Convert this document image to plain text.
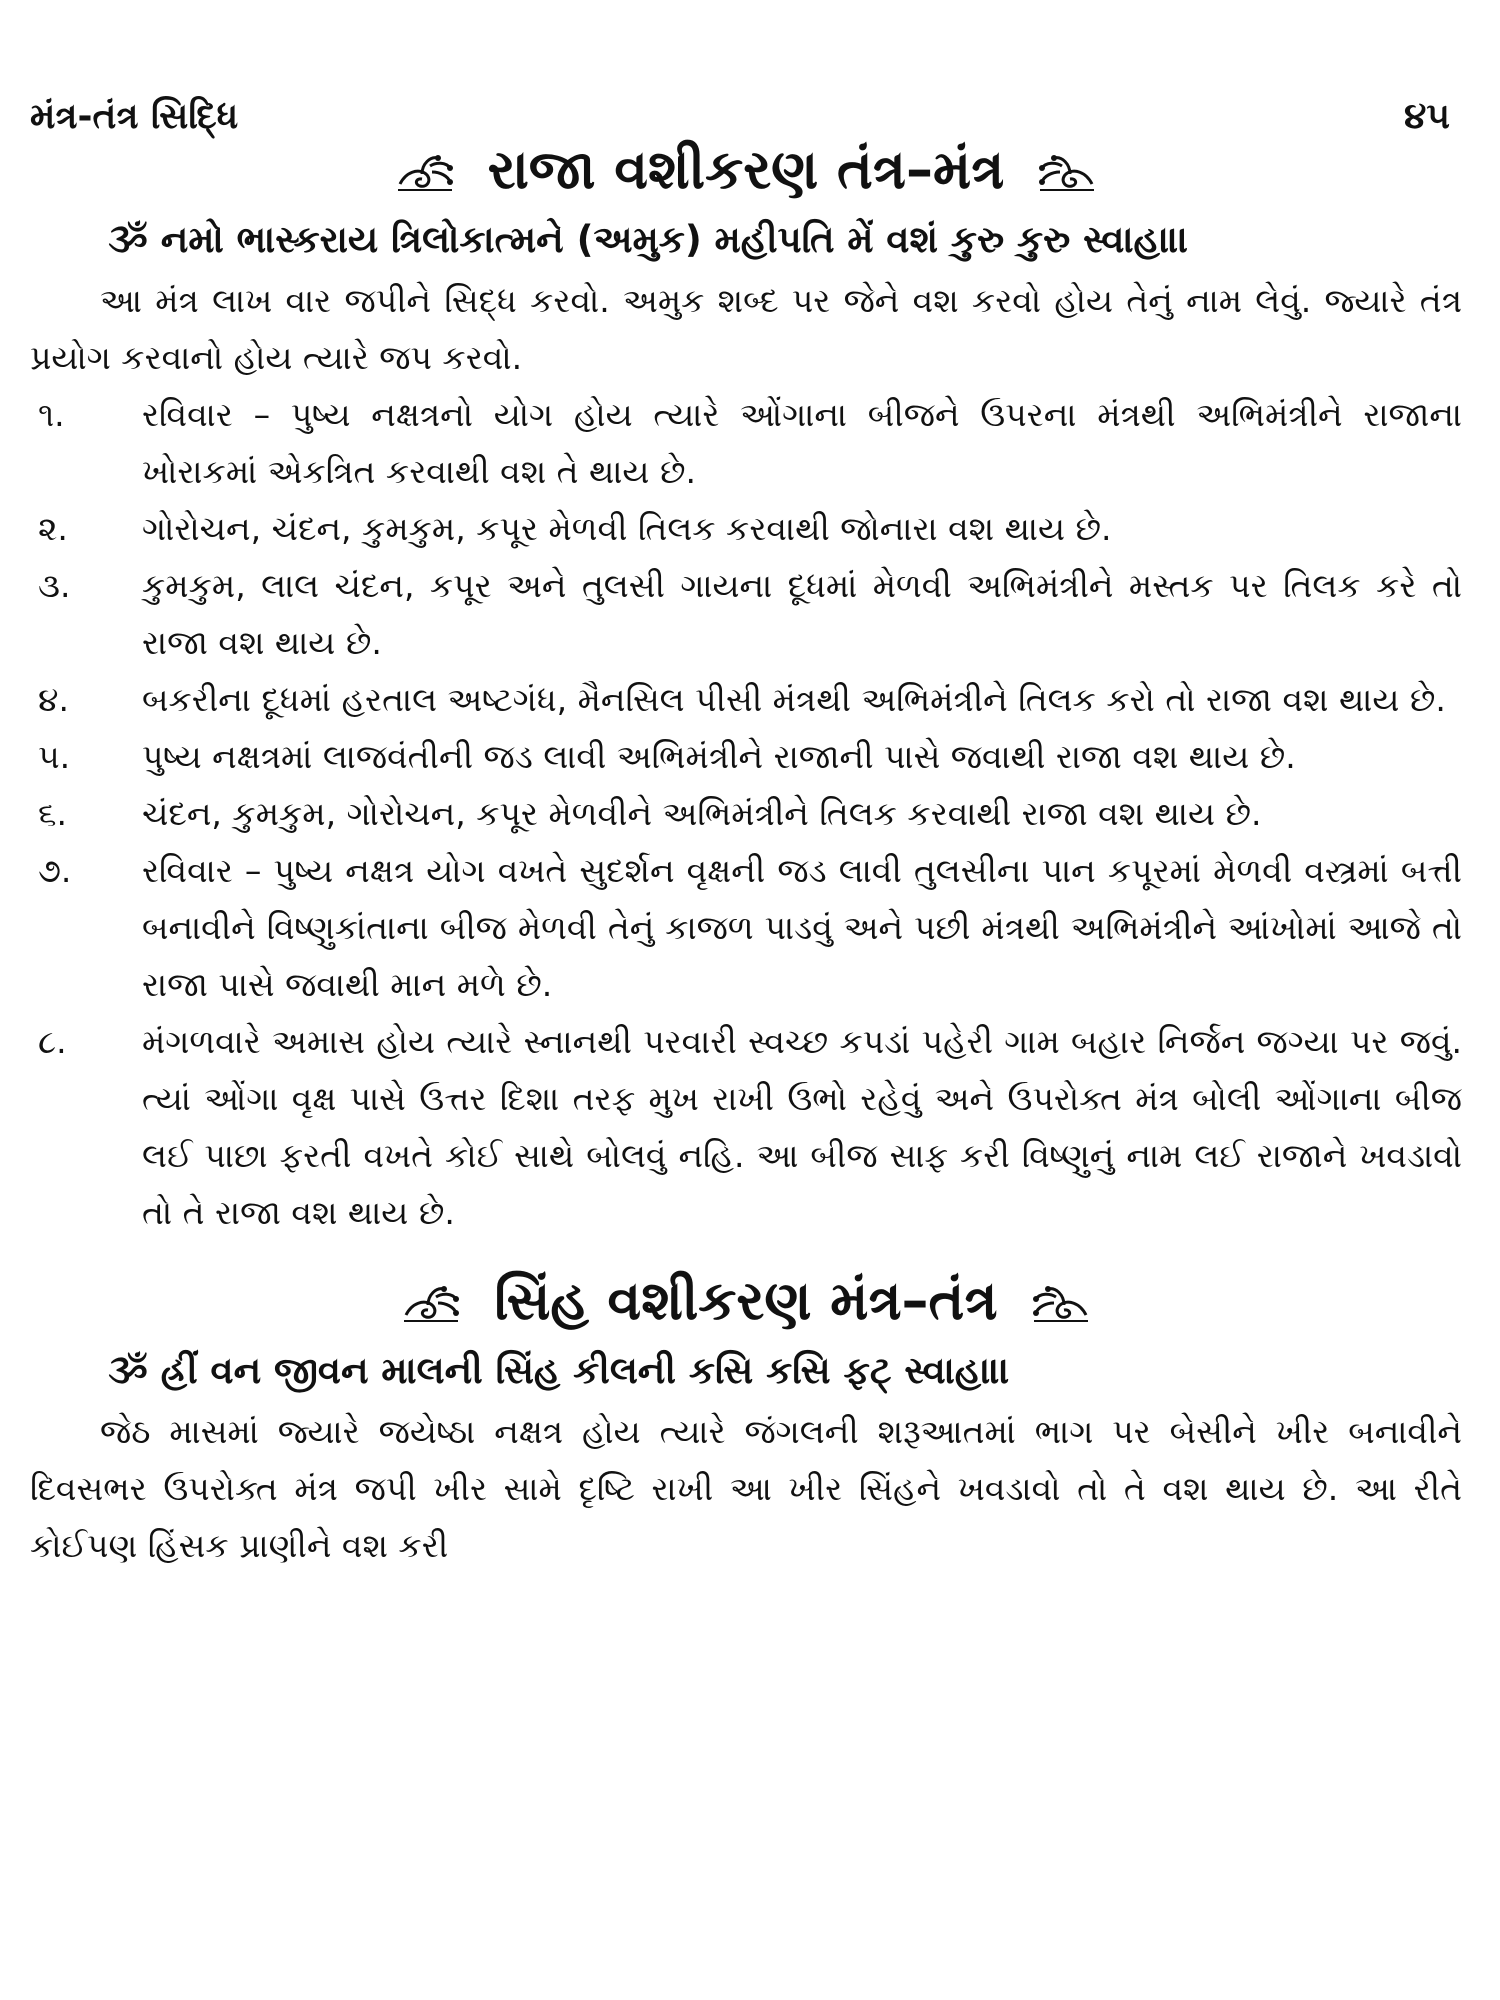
મંત્ર-તંત્ર સિદ્ધિ	૪૫
રાજા વશીકરણ તંત્ર–મંત્ર
ૐ નમો ભાસ્કરાય ત્રિલોકાત્મને (અમુક) મહીપતિ મેં વશં કુરુ કુરુ સ્વાહા।।

આ મંત્ર લાખ વાર જપીને સિદ્ધ કરવો. અમુક શબ્દ પર જેને વશ કરવો હોય તેનું નામ લેવું. જ્યારે તંત્ર પ્રયોગ કરવાનો હોય ત્યારે જપ કરવો.

૧.	રવિવાર – પુષ્ય નક્ષત્રનો યોગ હોય ત્યારે ઓંગાના બીજને ઉપરના મંત્રથી અભિમંત્રીને રાજાના ખોરાકમાં એકત્રિત કરવાથી વશ તે થાય છે.
૨.	ગોરોચન, ચંદન, કુમકુમ, કપૂર મેળવી તિલક કરવાથી જોનારા વશ થાય છે.
૩.	કુમકુમ, લાલ ચંદન, કપૂર અને તુલસી ગાયના દૂધમાં મેળવી અભિમંત્રીને મસ્તક પર તિલક કરે તો રાજા વશ થાય છે.
૪.	બકરીના દૂધમાં હરતાલ અષ્ટગંધ, મૈનસિલ પીસી મંત્રથી અભિમંત્રીને તિલક કરો તો રાજા વશ થાય છે.
૫.	પુષ્ય નક્ષત્રમાં લાજવંતીની જડ લાવી અભિમંત્રીને રાજાની પાસે જવાથી રાજા વશ થાય છે.
૬.	ચંદન, કુમકુમ, ગોરોચન, કપૂર મેળવીને અભિમંત્રીને તિલક કરવાથી રાજા વશ થાય છે.
૭.	રવિવાર – પુષ્ય નક્ષત્ર યોગ વખતે સુદર્શન વૃક્ષની જડ લાવી તુલસીના પાન કપૂરમાં મેળવી વસ્ત્રમાં બત્તી બનાવીને વિષ્ણુકાંતાના બીજ મેળવી તેનું કાજળ પાડવું અને પછી મંત્રથી અભિમંત્રીને આંખોમાં આજે તો રાજા પાસે જવાથી માન મળે છે.
૮.	મંગળવારે અમાસ હોય ત્યારે સ્નાનથી પરવારી સ્વચ્છ કપડાં પહેરી ગામ બહાર નિર્જન જગ્યા પર જવું. ત્યાં ઓંગા વૃક્ષ પાસે ઉત્તર દિશા તરફ મુખ રાખી ઉભો રહેવું અને ઉપરોક્ત મંત્ર બોલી ઓંગાના બીજ લઈ પાછા ફરતી વખતે કોઈ સાથે બોલવું નહિ. આ બીજ સાફ કરી વિષ્ણુનું નામ લઈ રાજાને ખવડાવો તો તે રાજા વશ થાય છે.
સિંહ વશીકરણ મંત્ર–તંત્ર
ૐ હ્રીં વન જીવન માલની સિંહ કીલની કસિ કસિ ફટ્ સ્વાહા।।

જેઠ માસમાં જ્યારે જયેષ્ઠા નક્ષત્ર હોય ત્યારે જંગલની શરૂઆતમાં ભાગ પર બેસીને ખીર બનાવીને દિવસભર ઉપરોક્ત મંત્ર જપી ખીર સામે દૃષ્ટિ રાખી આ ખીર સિંહને ખવડાવો તો તે વશ થાય છે. આ રીતે કોઈપણ હિંસક પ્રાણીને વશ કરી
